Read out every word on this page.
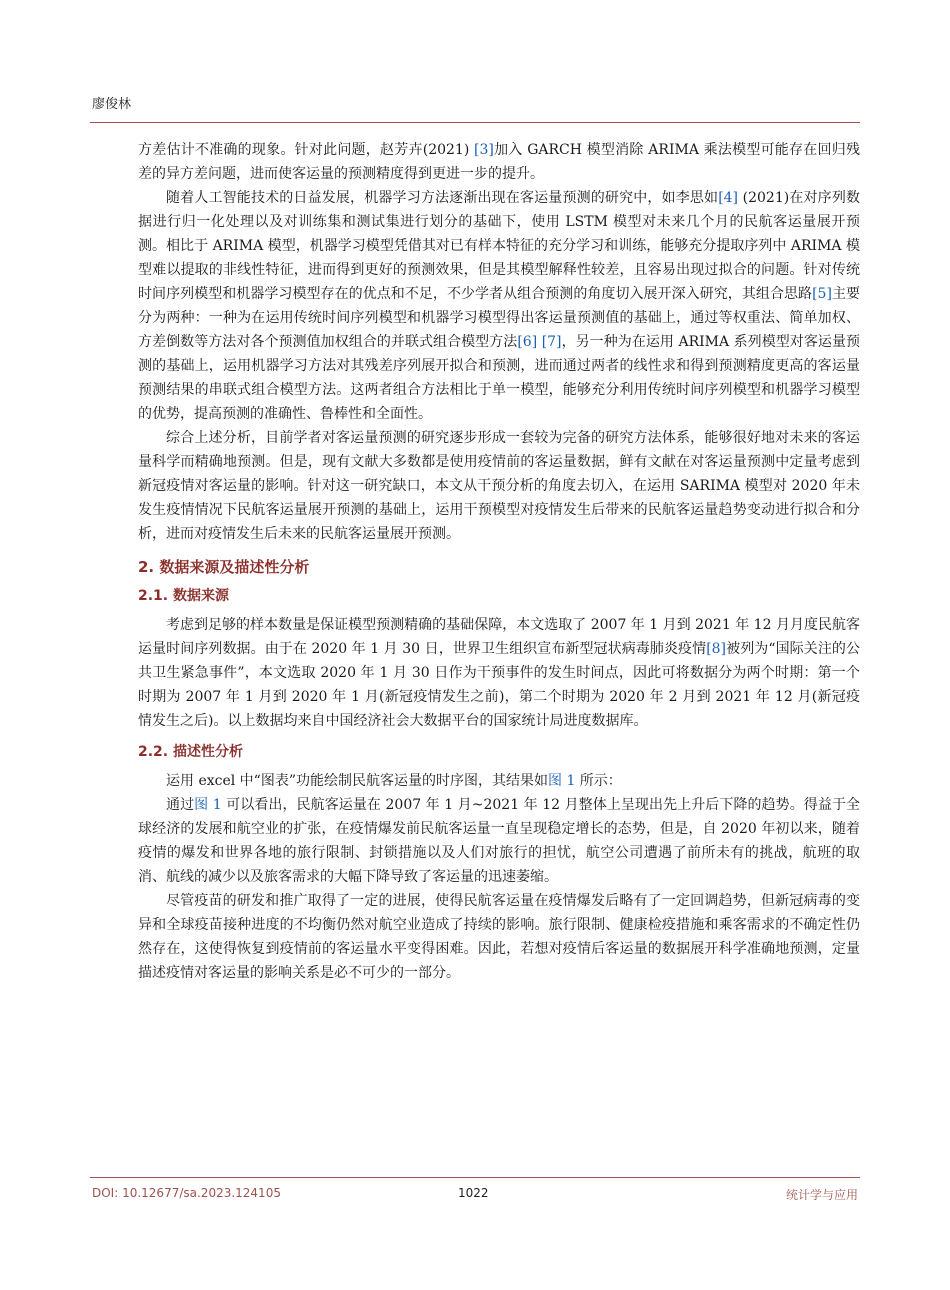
廖俊林

方差估计不准确的现象。针对此问题，赵芳卉(2021) [3]加入 GARCH 模型消除 ARIMA 乘法模型可能存在回归残差的异方差问题，进而使客运量的预测精度得到更进一步的提升。

随着人工智能技术的日益发展，机器学习方法逐渐出现在客运量预测的研究中，如李思如[4] (2021)在对序列数据进行归一化处理以及对训练集和测试集进行划分的基础下，使用 LSTM 模型对未来几个月的民航客运量展开预测。相比于 ARIMA 模型，机器学习模型凭借其对已有样本特征的充分学习和训练，能够充分提取序列中 ARIMA 模型难以提取的非线性特征，进而得到更好的预测效果，但是其模型解释性较差，且容易出现过拟合的问题。针对传统时间序列模型和机器学习模型存在的优点和不足，不少学者从组合预测的角度切入展开深入研究，其组合思路[5]主要分为两种：一种为在运用传统时间序列模型和机器学习模型得出客运量预测值的基础上，通过等权重法、简单加权、方差倒数等方法对各个预测值加权组合的并联式组合模型方法[6] [7]，另一种为在运用 ARIMA 系列模型对客运量预测的基础上，运用机器学习方法对其残差序列展开拟合和预测，进而通过两者的线性求和得到预测精度更高的客运量预测结果的串联式组合模型方法。这两者组合方法相比于单一模型，能够充分利用传统时间序列模型和机器学习模型的优势，提高预测的准确性、鲁棒性和全面性。

综合上述分析，目前学者对客运量预测的研究逐步形成一套较为完备的研究方法体系，能够很好地对未来的客运量科学而精确地预测。但是，现有文献大多数都是使用疫情前的客运量数据，鲜有文献在对客运量预测中定量考虑到新冠疫情对客运量的影响。针对这一研究缺口，本文从干预分析的角度去切入，在运用 SARIMA 模型对 2020 年未发生疫情情况下民航客运量展开预测的基础上，运用干预模型对疫情发生后带来的民航客运量趋势变动进行拟合和分析，进而对疫情发生后未来的民航客运量展开预测。

2. 数据来源及描述性分析
2.1. 数据来源

考虑到足够的样本数量是保证模型预测精确的基础保障，本文选取了 2007 年 1 月到 2021 年 12 月月度民航客运量时间序列数据。由于在 2020 年 1 月 30 日，世界卫生组织宣布新型冠状病毒肺炎疫情[8]被列为“国际关注的公共卫生紧急事件”，本文选取 2020 年 1 月 30 日作为干预事件的发生时间点，因此可将数据分为两个时期：第一个时期为 2007 年 1 月到 2020 年 1 月(新冠疫情发生之前)，第二个时期为 2020 年 2 月到 2021 年 12 月(新冠疫情发生之后)。以上数据均来自中国经济社会大数据平台的国家统计局进度数据库。

2.2. 描述性分析

运用 excel 中“图表”功能绘制民航客运量的时序图，其结果如图 1 所示：

通过图 1 可以看出，民航客运量在 2007 年 1 月~2021 年 12 月整体上呈现出先上升后下降的趋势。得益于全球经济的发展和航空业的扩张，在疫情爆发前民航客运量一直呈现稳定增长的态势，但是，自 2020 年初以来，随着疫情的爆发和世界各地的旅行限制、封锁措施以及人们对旅行的担忧，航空公司遭遇了前所未有的挑战，航班的取消、航线的减少以及旅客需求的大幅下降导致了客运量的迅速萎缩。

尽管疫苗的研发和推广取得了一定的进展，使得民航客运量在疫情爆发后略有了一定回调趋势，但新冠病毒的变异和全球疫苗接种进度的不均衡仍然对航空业造成了持续的影响。旅行限制、健康检疫措施和乘客需求的不确定性仍然存在，这使得恢复到疫情前的客运量水平变得困难。因此，若想对疫情后客运量的数据展开科学准确地预测，定量描述疫情对客运量的影响关系是必不可少的一部分。

DOI: 10.12677/sa.2023.124105	1022	统计学与应用
